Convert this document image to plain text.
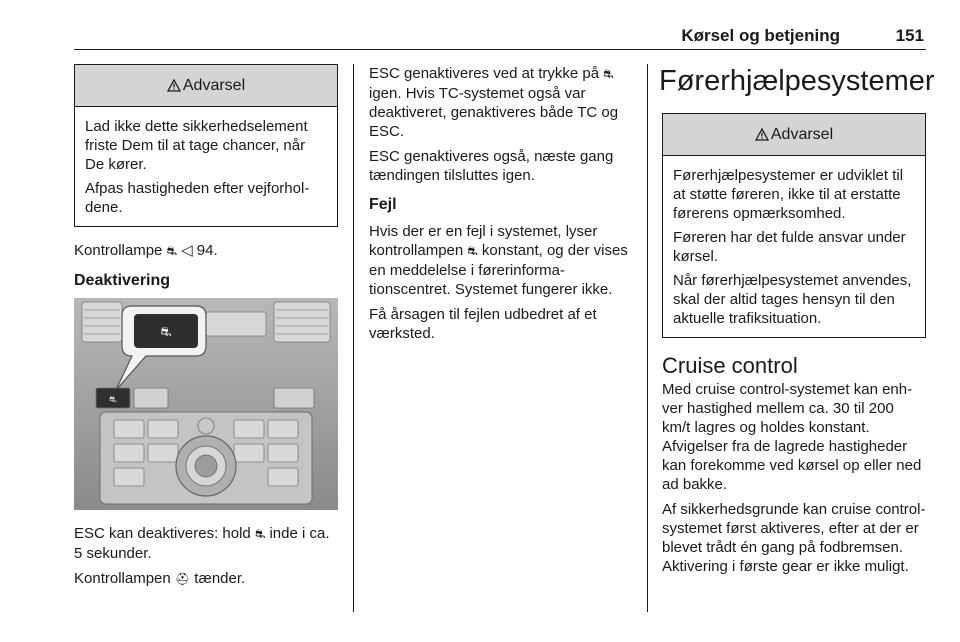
Kørsel og betjening	151
Advarsel

Lad ikke dette sikkerhedselement friste Dem til at tage chancer, når De kører.

Afpas hastigheden efter vejforholdene.

Kontrollampe ⛐ ◁ 94.

Deaktivering

⛐
⛐

ESC kan deaktiveres: hold ⛐ inde i ca. 5 sekunder.

Kontrollampen ⛑ tænder.

ESC genaktiveres ved at trykke på ⛐ igen. Hvis TC-systemet også var deaktiveret, genaktiveres både TC og ESC.

ESC genaktiveres også, næste gang tændingen tilsluttes igen.

Fejl

Hvis der er en fejl i systemet, lyser kontrollampen ⛐ konstant, og der vises en meddelelse i førerinformationscentret. Systemet fungerer ikke.

Få årsagen til fejlen udbedret af et værksted.

Førerhjælpesystemer

Advarsel

Førerhjælpesystemer er udviklet til at støtte føreren, ikke til at erstatte førerens opmærksomhed.

Føreren har det fulde ansvar under kørsel.

Når førerhjælpesystemet anvendes, skal der altid tages hensyn til den aktuelle trafiksituation.

Cruise control

Med cruise control-systemet kan enhver hastighed mellem ca. 30 til 200 km/t lagres og holdes konstant. Afvigelser fra de lagrede hastigheder kan forekomme ved kørsel op eller ned ad bakke.

Af sikkerhedsgrunde kan cruise control-systemet først aktiveres, efter at der er blevet trådt én gang på fodbremsen. Aktivering i første gear er ikke muligt.
